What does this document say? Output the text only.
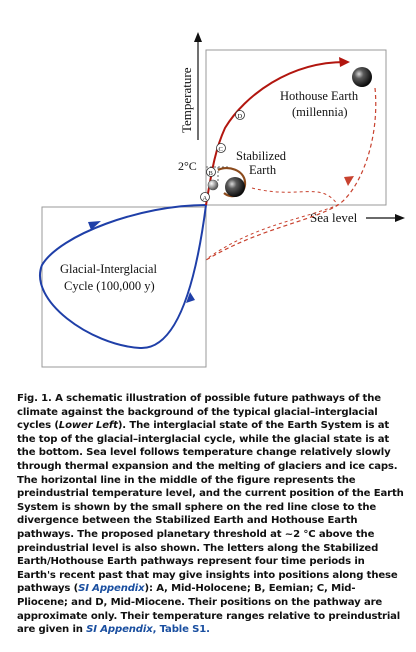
Temperature
Sea level
2°C
Glacial-Interglacial
Cycle (100,000 y)
A
B
C
D
Hothouse Earth
(millennia)
Stabilized
Earth

Fig. 1. A schematic illustration of possible future pathways of the climate against the background of the typical glacial–interglacial cycles (Lower Left). The interglacial state of the Earth System is at the top of the glacial–interglacial cycle, while the glacial state is at the bottom. Sea level follows temperature change relatively slowly through thermal expansion and the melting of glaciers and ice caps. The horizontal line in the middle of the figure represents the preindustrial temperature level, and the current position of the Earth System is shown by the small sphere on the red line close to the divergence between the Stabilized Earth and Hothouse Earth pathways. The proposed planetary threshold at ~2 °C above the preindustrial level is also shown. The letters along the Stabilized Earth/Hothouse Earth pathways represent four time periods in Earth's recent past that may give insights into positions along these pathways (SI Appendix): A, Mid-Holocene; B, Eemian; C, Mid-Pliocene; and D, Mid-Miocene. Their positions on the pathway are approximate only. Their temperature ranges relative to preindustrial are given in SI Appendix, Table S1.
